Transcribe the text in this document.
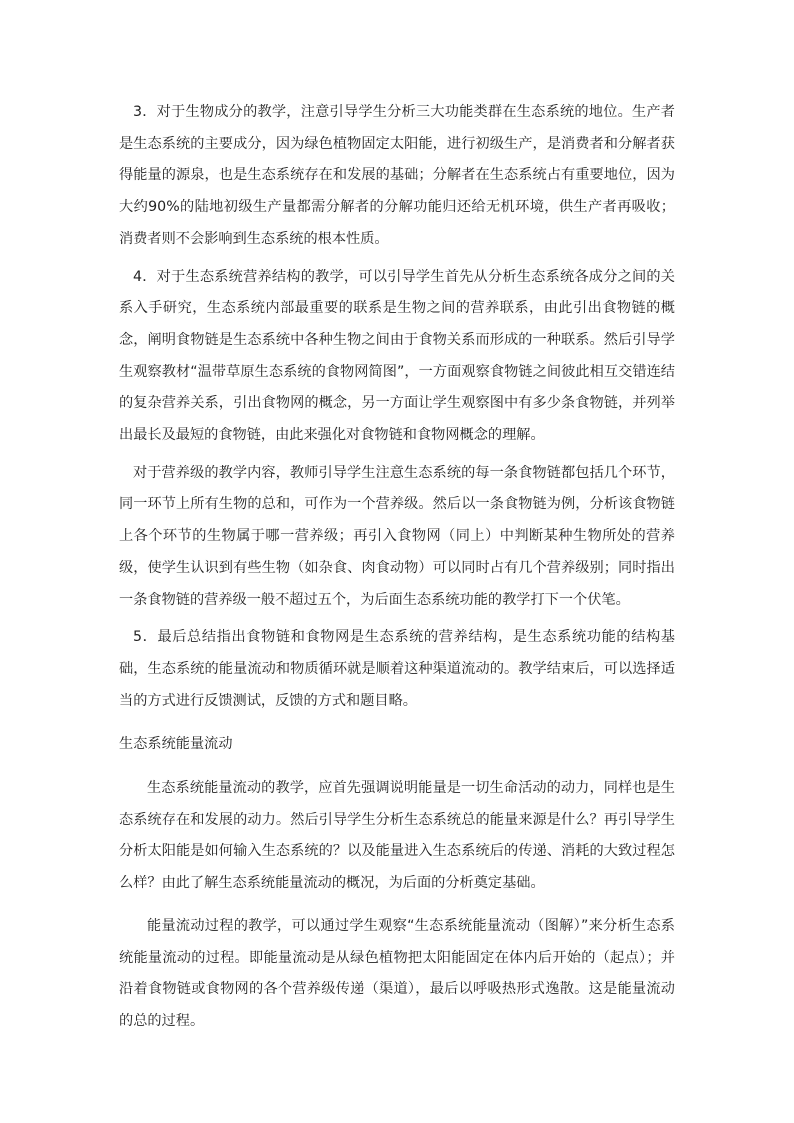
3．对于生物成分的教学，注意引导学生分析三大功能类群在生态系统的地位。生产者是生态系统的主要成分，因为绿色植物固定太阳能，进行初级生产，是消费者和分解者获得能量的源泉，也是生态系统存在和发展的基础；分解者在生态系统占有重要地位，因为大约90%的陆地初级生产量都需分解者的分解功能归还给无机环境，供生产者再吸收；消费者则不会影响到生态系统的根本性质。

4．对于生态系统营养结构的教学，可以引导学生首先从分析生态系统各成分之间的关系入手研究，生态系统内部最重要的联系是生物之间的营养联系，由此引出食物链的概念，阐明食物链是生态系统中各种生物之间由于食物关系而形成的一种联系。然后引导学生观察教材“温带草原生态系统的食物网简图”，一方面观察食物链之间彼此相互交错连结的复杂营养关系，引出食物网的概念，另一方面让学生观察图中有多少条食物链，并列举出最长及最短的食物链，由此来强化对食物链和食物网概念的理解。

对于营养级的教学内容，教师引导学生注意生态系统的每一条食物链都包括几个环节，同一环节上所有生物的总和，可作为一个营养级。然后以一条食物链为例，分析该食物链上各个环节的生物属于哪一营养级；再引入食物网（同上）中判断某种生物所处的营养级，使学生认识到有些生物（如杂食、肉食动物）可以同时占有几个营养级别；同时指出一条食物链的营养级一般不超过五个，为后面生态系统功能的教学打下一个伏笔。

5．最后总结指出食物链和食物网是生态系统的营养结构，是生态系统功能的结构基础，生态系统的能量流动和物质循环就是顺着这种渠道流动的。教学结束后，可以选择适当的方式进行反馈测试，反馈的方式和题目略。

生态系统能量流动

生态系统能量流动的教学，应首先强调说明能量是一切生命活动的动力，同样也是生态系统存在和发展的动力。然后引导学生分析生态系统总的能量来源是什么？再引导学生分析太阳能是如何输入生态系统的？以及能量进入生态系统后的传递、消耗的大致过程怎么样？由此了解生态系统能量流动的概况，为后面的分析奠定基础。

能量流动过程的教学，可以通过学生观察“生态系统能量流动（图解）”来分析生态系统能量流动的过程。即能量流动是从绿色植物把太阳能固定在体内后开始的（起点）；并沿着食物链或食物网的各个营养级传递（渠道），最后以呼吸热形式逸散。这是能量流动的总的过程。
